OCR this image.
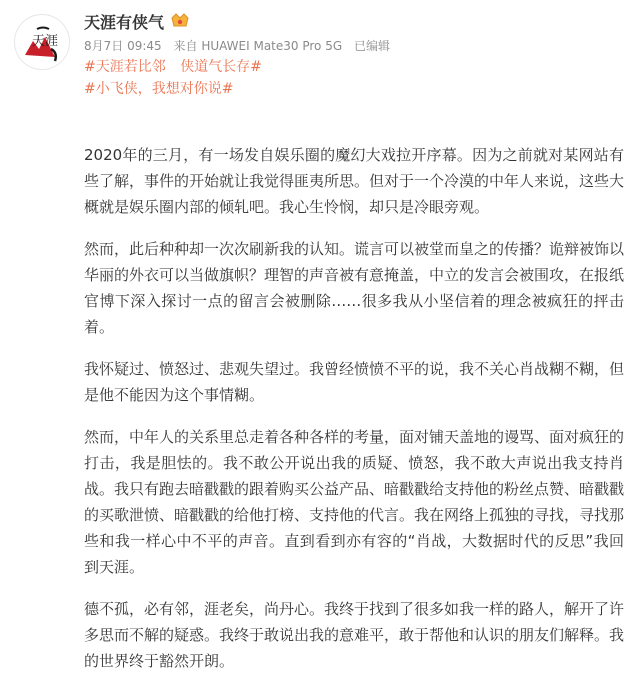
天涯
天涯有侠气
8月7日 09:45 来自 HUAWEI Mate30 Pro 5G 已编辑
#天涯若比邻 侠道气长存#
#小飞侠，我想对你说#

2020年的三月，有一场发自娱乐圈的魔幻大戏拉开序幕。因为之前就对某网站有些了解，事件的开始就让我觉得匪夷所思。但对于一个冷漠的中年人来说，这些大概就是娱乐圈内部的倾轧吧。我心生怜悯，却只是冷眼旁观。

然而，此后种种却一次次刷新我的认知。谎言可以被堂而皇之的传播？诡辩被饰以华丽的外衣可以当做旗帜？理智的声音被有意掩盖，中立的发言会被围攻，在报纸官博下深入探讨一点的留言会被删除……很多我从小坚信着的理念被疯狂的抨击着。

我怀疑过、愤怒过、悲观失望过。我曾经愤愤不平的说，我不关心肖战糊不糊，但是他不能因为这个事情糊。

然而，中年人的关系里总走着各种各样的考量，面对铺天盖地的谩骂、面对疯狂的打击，我是胆怯的。我不敢公开说出我的质疑、愤怒，我不敢大声说出我支持肖战。我只有跑去暗戳戳的跟着购买公益产品、暗戳戳给支持他的粉丝点赞、暗戳戳的买歌泄愤、暗戳戳的给他打榜、支持他的代言。我在网络上孤独的寻找，寻找那些和我一样心中不平的声音。直到看到亦有容的“肖战，大数据时代的反思”我回到天涯。

德不孤，必有邻，涯老矣，尚丹心。我终于找到了很多如我一样的路人，解开了许多思而不解的疑惑。我终于敢说出我的意难平，敢于帮他和认识的朋友们解释。我的世界终于豁然开朗。
